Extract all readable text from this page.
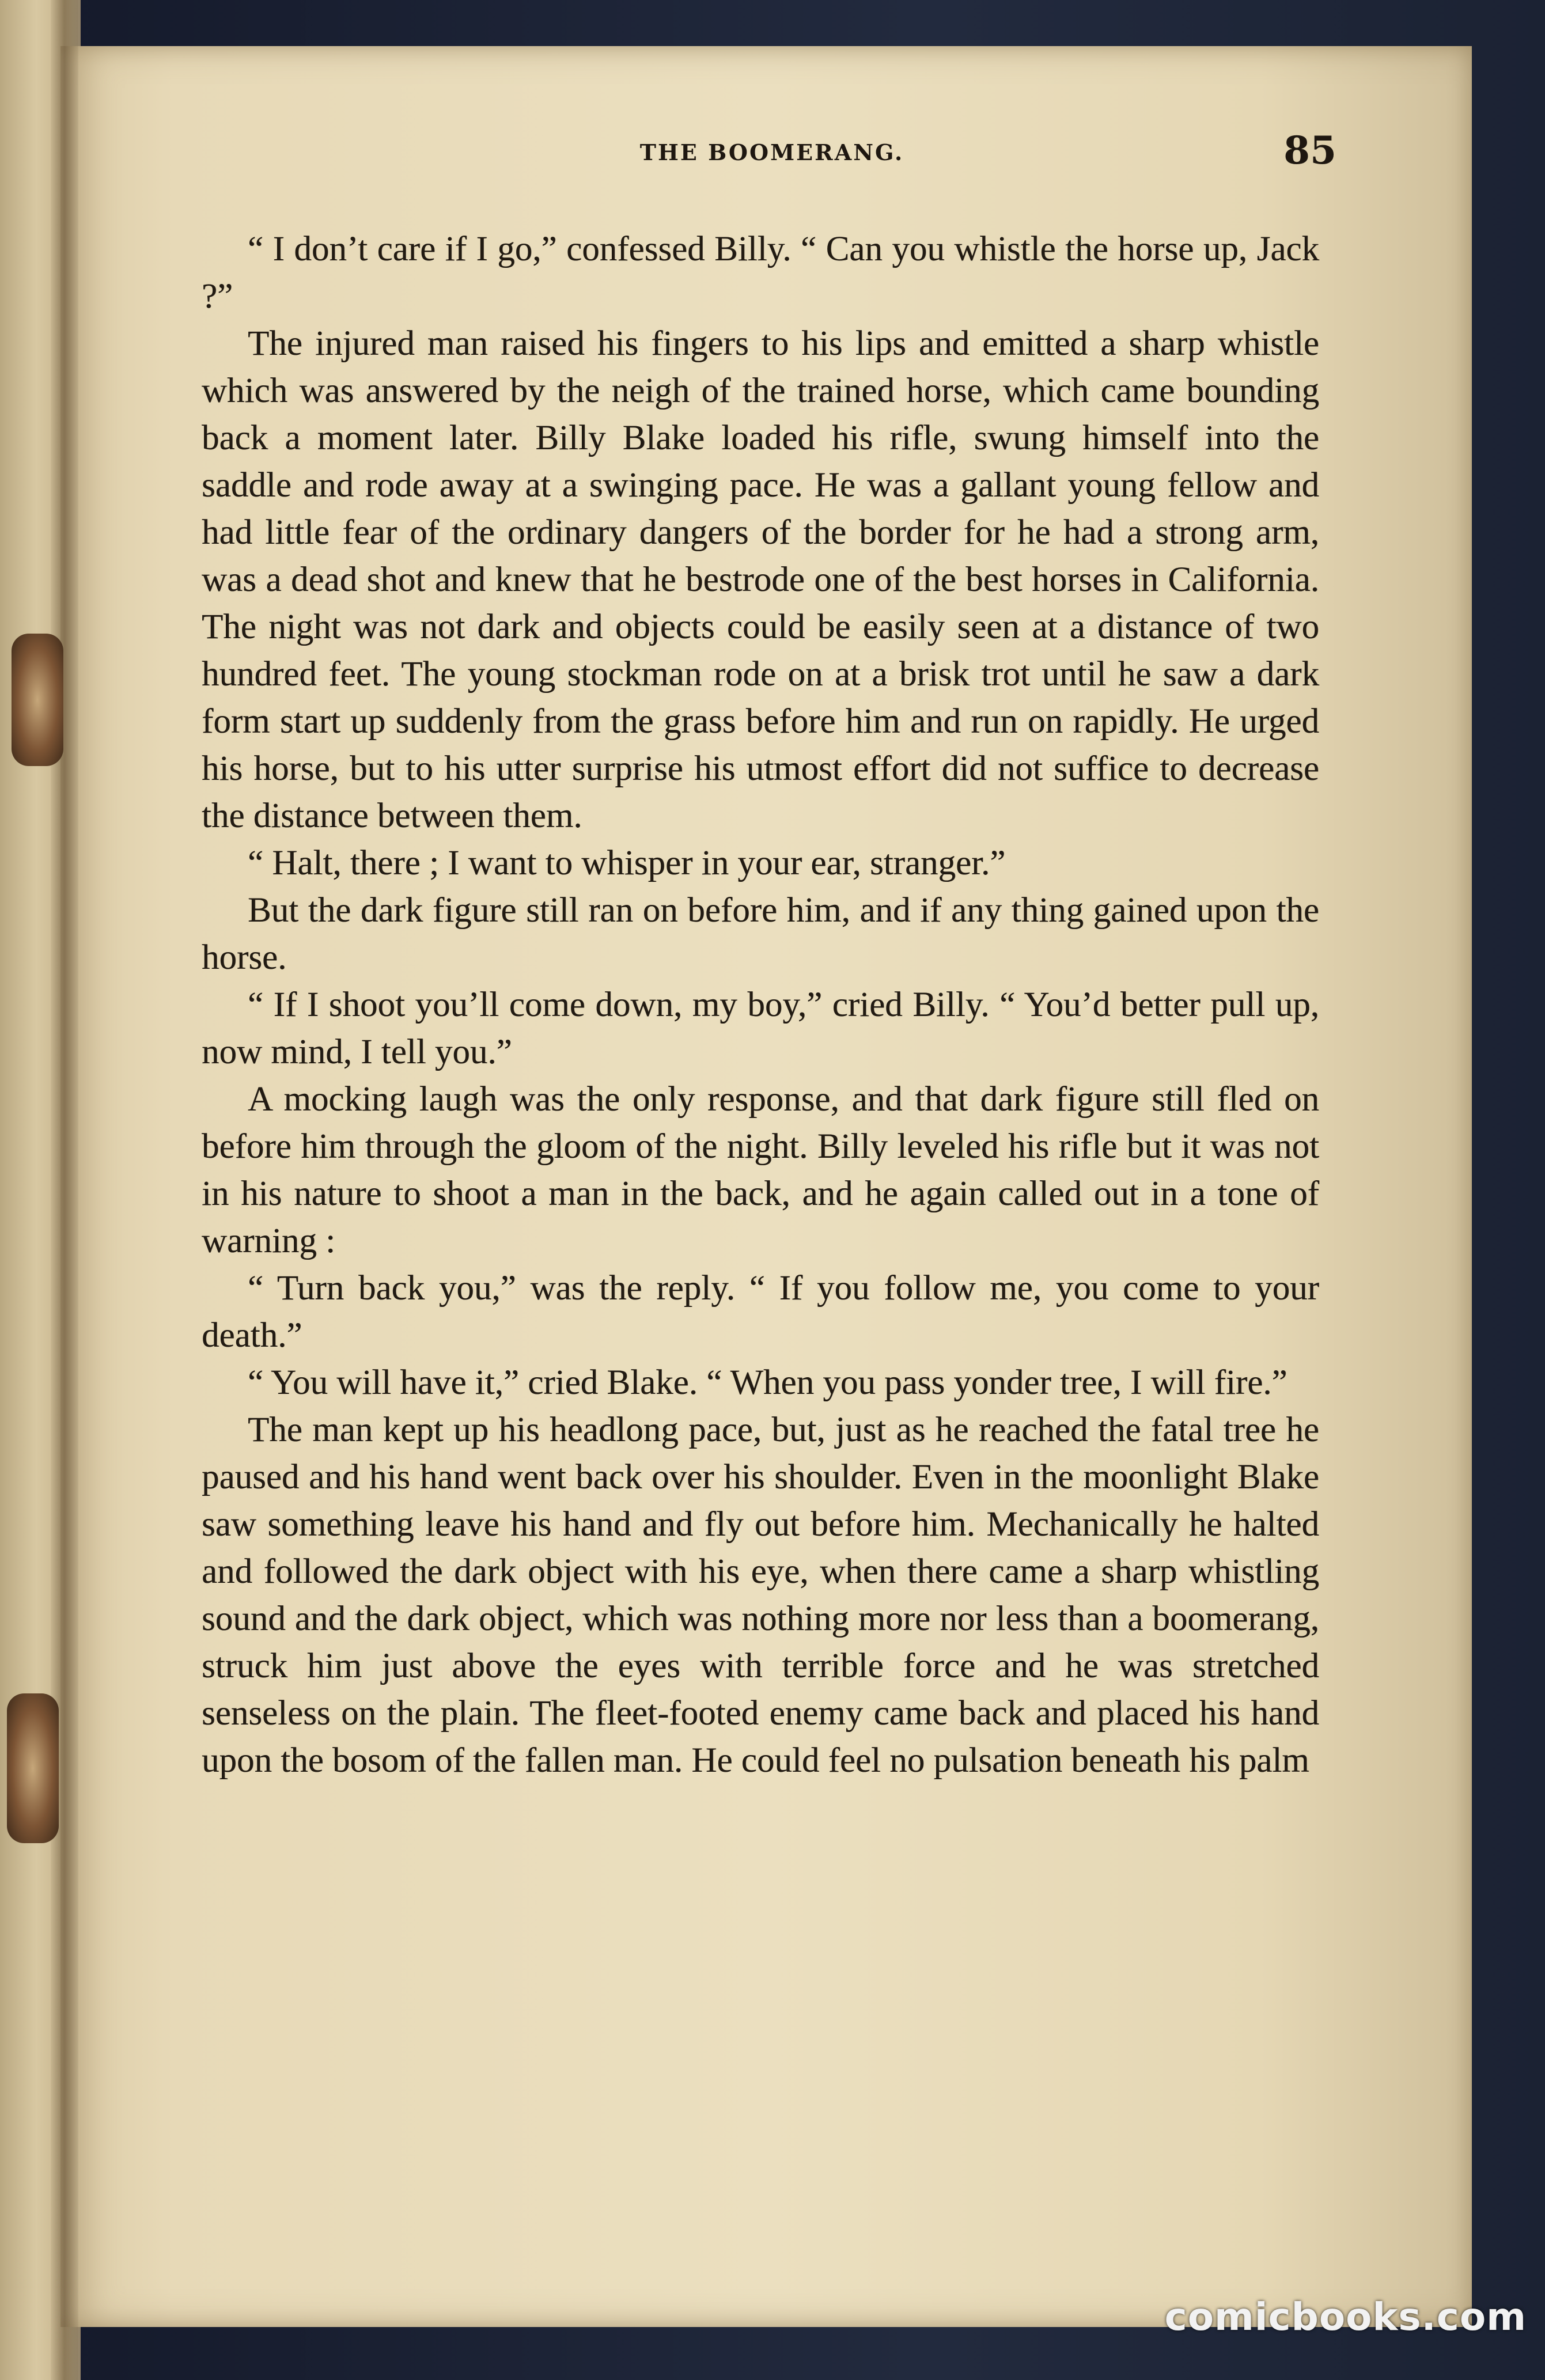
THE BOOMERANG.	85

“ I don’t care if I go,” confessed Billy. “ Can you whistle the horse up, Jack ?”

The injured man raised his fingers to his lips and emitted a sharp whistle which was answered by the neigh of the trained horse, which came bounding back a moment later. Billy Blake loaded his rifle, swung himself into the saddle and rode away at a swinging pace. He was a gallant young fellow and had little fear of the ordinary dangers of the border for he had a strong arm, was a dead shot and knew that he bestrode one of the best horses in California. The night was not dark and objects could be easily seen at a distance of two hundred feet. The young stockman rode on at a brisk trot until he saw a dark form start up suddenly from the grass before him and run on rapidly. He urged his horse, but to his utter surprise his utmost effort did not suffice to decrease the distance between them.

“ Halt, there ; I want to whisper in your ear, stranger.”

But the dark figure still ran on before him, and if any thing gained upon the horse.

“ If I shoot you’ll come down, my boy,” cried Billy. “ You’d better pull up, now mind, I tell you.”

A mocking laugh was the only response, and that dark figure still fled on before him through the gloom of the night. Billy leveled his rifle but it was not in his nature to shoot a man in the back, and he again called out in a tone of warning :

“ Turn back you,” was the reply. “ If you follow me, you come to your death.”

“ You will have it,” cried Blake. “ When you pass yonder tree, I will fire.”

The man kept up his headlong pace, but, just as he reached the fatal tree he paused and his hand went back over his shoulder. Even in the moonlight Blake saw something leave his hand and fly out before him. Mechanically he halted and followed the dark object with his eye, when there came a sharp whistling sound and the dark object, which was nothing more nor less than a boomerang, struck him just above the eyes with terrible force and he was stretched senseless on the plain. The fleet-footed enemy came back and placed his hand upon the bosom of the fallen man. He could feel no pulsation beneath his palm

comicbooks.com
